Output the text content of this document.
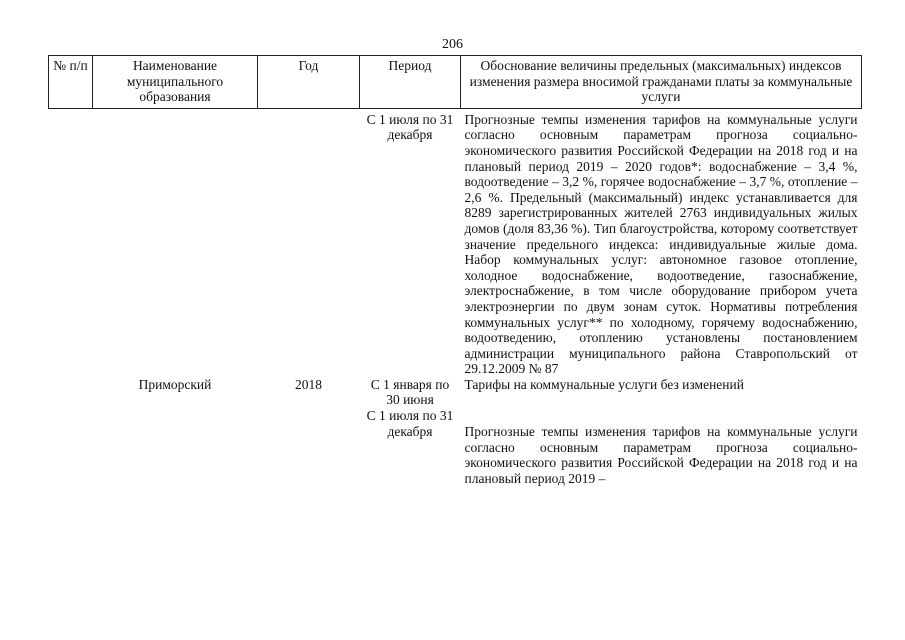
206
№ п/п	Наименование муниципального образования	Год	Период	Обоснование величины предельных (максимальных) индексов изменения размера вносимой гражданами платы за коммунальные услуги
			С 1 июля по 31 декабря	Прогнозные темпы изменения тарифов на коммунальные услуги согласно основным параметрам прогноза социально-экономического развития Российской Федерации на 2018 год и на плановый период 2019 – 2020 годов*: водоснабжение – 3,4 %, водоотведение – 3,2 %, горячее водоснабжение – 3,7 %, отопление – 2,6 %. Предельный (максимальный) индекс устанавливается для 8289 зарегистрированных жителей 2763 индивидуальных жилых домов (доля 83,36 %). Тип благоустройства, которому соответствует значение предельного индекса: индивидуальные жилые дома. Набор коммунальных услуг: автономное газовое отопление, холодное водоснабжение, водоотведение, газоснабжение, электроснабжение, в том числе оборудование прибором учета электроэнергии по двум зонам суток. Нормативы потребления коммунальных услуг** по холодному, горячему водоснабжению, водоотведению, отоплению установлены постановлением администрации муниципального района Ставропольский от 29.12.2009 № 87
	Приморский	2018	С 1 января по 30 июня	Тарифы на коммунальные услуги без изменений
			С 1 июля по 31 декабря	Прогнозные темпы изменения тарифов на коммунальные услуги согласно основным параметрам прогноза социально-экономического развития Российской Федерации на 2018 год и на плановый период 2019 –
